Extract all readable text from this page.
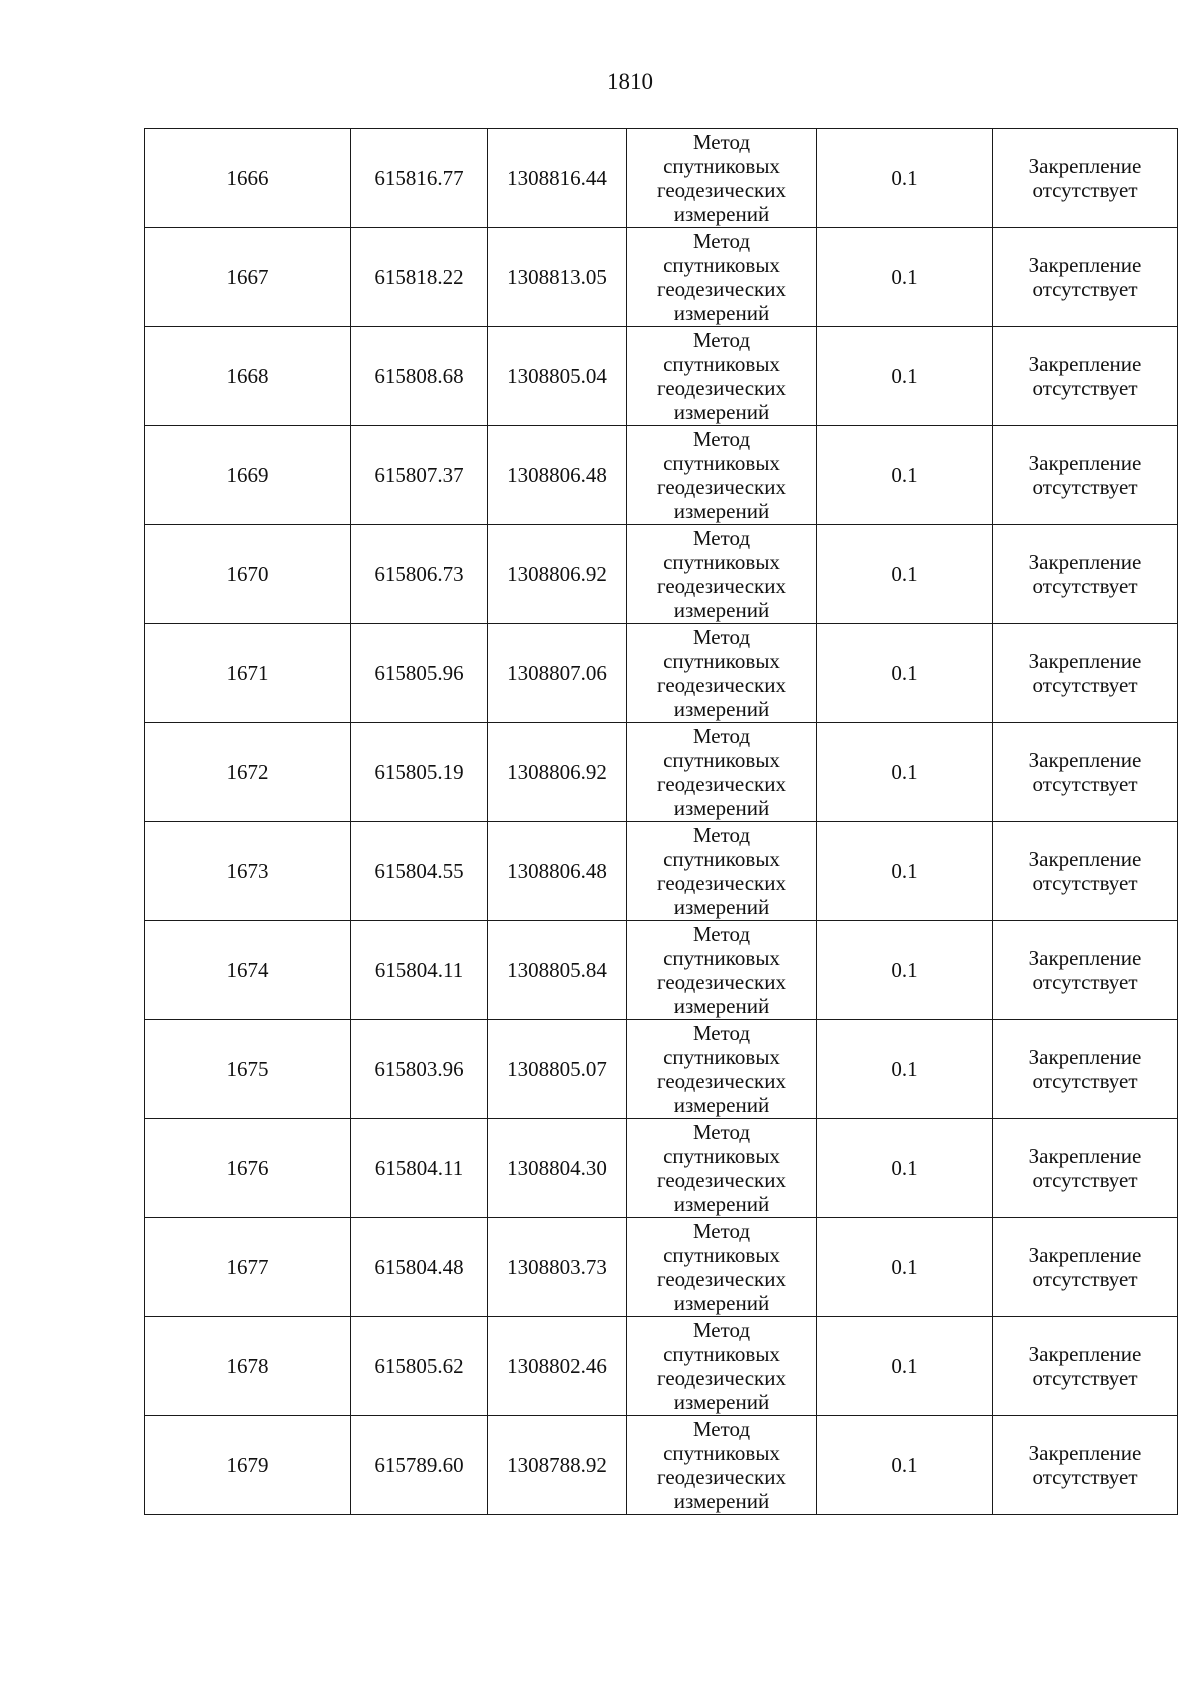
1810
1666	615816.77	1308816.44	Метод
спутниковых
геодезических
измерений	0.1	Закрепление
отсутствует

1667	615818.22	1308813.05	Метод
спутниковых
геодезических
измерений	0.1	Закрепление
отсутствует

1668	615808.68	1308805.04	Метод
спутниковых
геодезических
измерений	0.1	Закрепление
отсутствует

1669	615807.37	1308806.48	Метод
спутниковых
геодезических
измерений	0.1	Закрепление
отсутствует

1670	615806.73	1308806.92	Метод
спутниковых
геодезических
измерений	0.1	Закрепление
отсутствует

1671	615805.96	1308807.06	Метод
спутниковых
геодезических
измерений	0.1	Закрепление
отсутствует

1672	615805.19	1308806.92	Метод
спутниковых
геодезических
измерений	0.1	Закрепление
отсутствует

1673	615804.55	1308806.48	Метод
спутниковых
геодезических
измерений	0.1	Закрепление
отсутствует

1674	615804.11	1308805.84	Метод
спутниковых
геодезических
измерений	0.1	Закрепление
отсутствует

1675	615803.96	1308805.07	Метод
спутниковых
геодезических
измерений	0.1	Закрепление
отсутствует

1676	615804.11	1308804.30	Метод
спутниковых
геодезических
измерений	0.1	Закрепление
отсутствует

1677	615804.48	1308803.73	Метод
спутниковых
геодезических
измерений	0.1	Закрепление
отсутствует

1678	615805.62	1308802.46	Метод
спутниковых
геодезических
измерений	0.1	Закрепление
отсутствует

1679	615789.60	1308788.92	Метод
спутниковых
геодезических
измерений	0.1	Закрепление
отсутствует
